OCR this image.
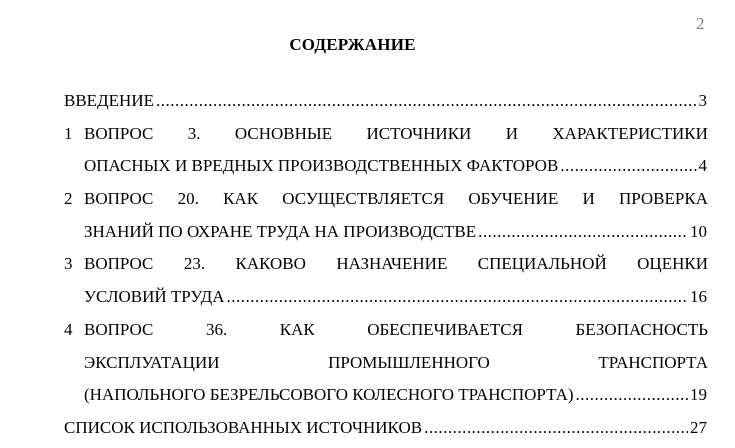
2
СОДЕРЖАНИЕ
ВВЕДЕНИЕ .....	3
1 ВОПРОС 3. ОСНОВНЫЕ ИСТОЧНИКИ И ХАРАКТЕРИСТИКИ
ОПАСНЫХ И ВРЕДНЫХ ПРОИЗВОДСТВЕННЫХ ФАКТОРОВ .....	4
2 ВОПРОС 20. КАК ОСУЩЕСТВЛЯЕТСЯ ОБУЧЕНИЕ И ПРОВЕРКА
ЗНАНИЙ ПО ОХРАНЕ ТРУДА НА ПРОИЗВОДСТВЕ .....	10
3 ВОПРОС 23. КАКОВО НАЗНАЧЕНИЕ СПЕЦИАЛЬНОЙ ОЦЕНКИ
УСЛОВИЙ ТРУДА .....	16
4 ВОПРОС	36.	КАК	ОБЕСПЕЧИВАЕТСЯ	БЕЗОПАСНОСТЬ
ЭКСПЛУАТАЦИИ	ПРОМЫШЛЕННОГО	ТРАНСПОРТА
(НАПОЛЬНОГО БЕЗРЕЛЬСОВОГО КОЛЕСНОГО ТРАНСПОРТА) .....	19
СПИСОК ИСПОЛЬЗОВАННЫХ ИСТОЧНИКОВ .....	27
